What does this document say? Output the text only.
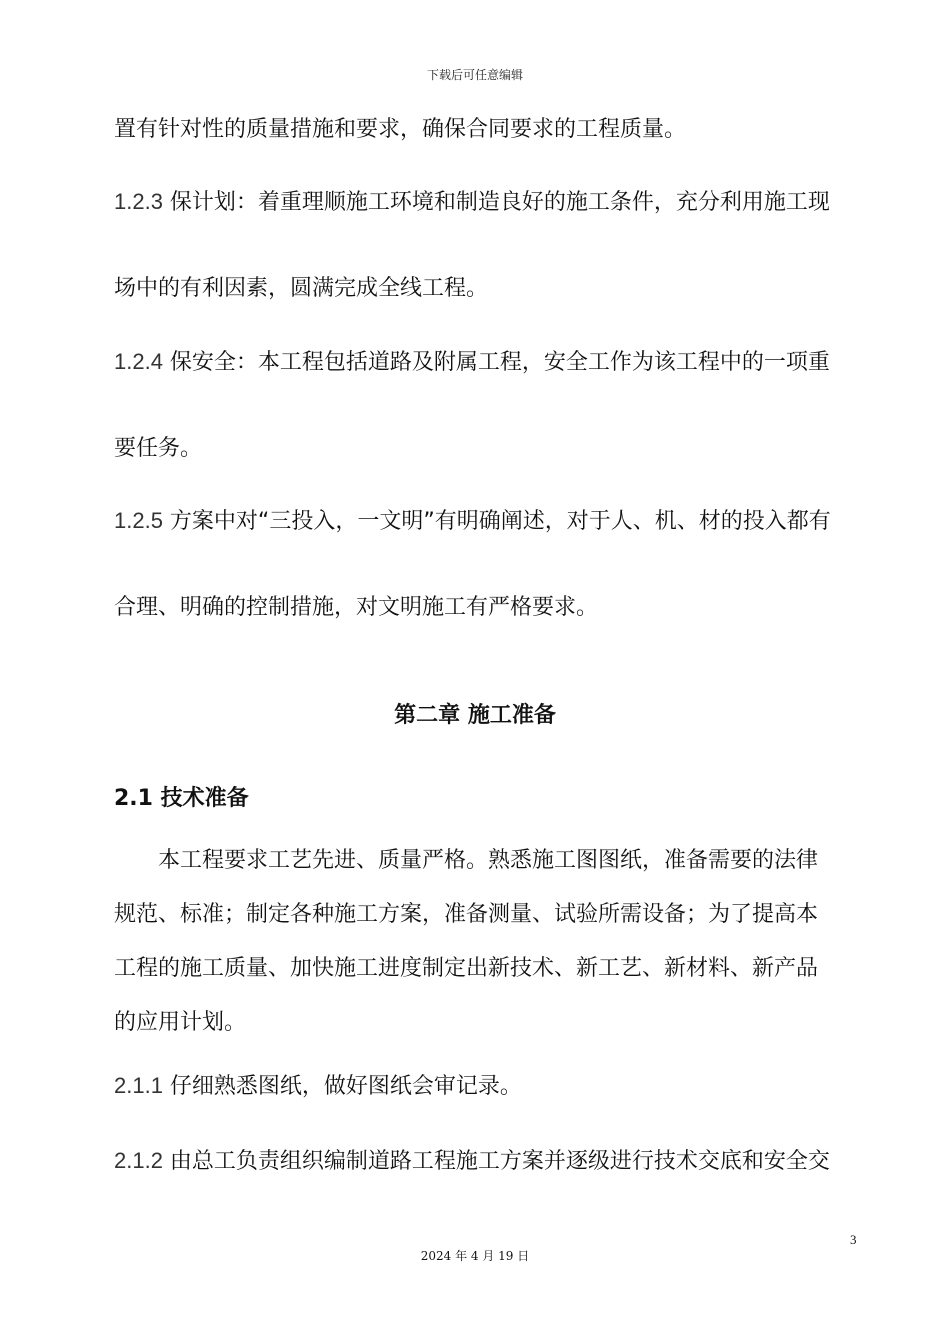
下载后可任意编辑
置有针对性的质量措施和要求，确保合同要求的工程质量。
1.2.3 保计划：着重理顺施工环境和制造良好的施工条件，充分利用施工现
场中的有利因素，圆满完成全线工程。
1.2.4 保安全：本工程包括道路及附属工程，安全工作为该工程中的一项重
要任务。
1.2.5 方案中对“三投入，一文明”有明确阐述，对于人、机、材的投入都有
合理、明确的控制措施，对文明施工有严格要求。
第二章 施工准备
2.1 技术准备
　　本工程要求工艺先进、质量严格。熟悉施工图图纸，准备需要的法律
规范、标准；制定各种施工方案，准备测量、试验所需设备；为了提高本
工程的施工质量、加快施工进度制定出新技术、新工艺、新材料、新产品
的应用计划。
2.1.1 仔细熟悉图纸，做好图纸会审记录。
2.1.2 由总工负责组织编制道路工程施工方案并逐级进行技术交底和安全交
3
2024 年 4 月 19 日
